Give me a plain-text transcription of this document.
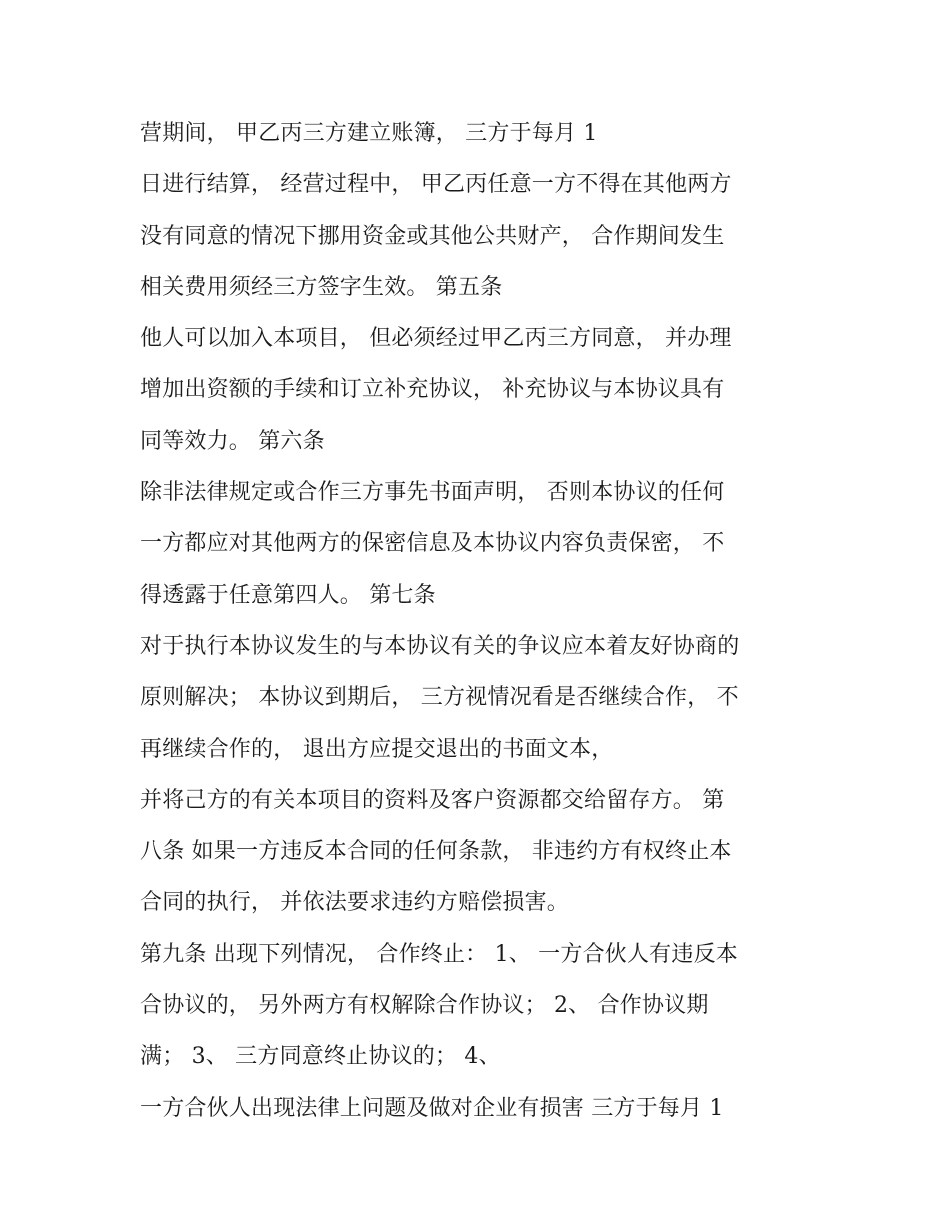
营期间， 甲乙丙三方建立账簿， 三方于每月 1
日进行结算， 经营过程中， 甲乙丙任意一方不得在其他两方
没有同意的情况下挪用资金或其他公共财产， 合作期间发生
相关费用须经三方签字生效。 第五条
他人可以加入本项目， 但必须经过甲乙丙三方同意， 并办理
增加出资额的手续和订立补充协议， 补充协议与本协议具有
同等效力。 第六条
除非法律规定或合作三方事先书面声明， 否则本协议的任何
一方都应对其他两方的保密信息及本协议内容负责保密， 不
得透露于任意第四人。 第七条
对于执行本协议发生的与本协议有关的争议应本着友好协商的
原则解决； 本协议到期后， 三方视情况看是否继续合作， 不
再继续合作的， 退出方应提交退出的书面文本，
并将己方的有关本项目的资料及客户资源都交给留存方。 第
八条 如果一方违反本合同的任何条款， 非违约方有权终止本
合同的执行， 并依法要求违约方赔偿损害。
第九条 出现下列情况， 合作终止： 1、 一方合伙人有违反本
合协议的， 另外两方有权解除合作协议； 2、 合作协议期
满； 3、 三方同意终止协议的； 4、
一方合伙人出现法律上问题及做对企业有损害 三方于每月 1
